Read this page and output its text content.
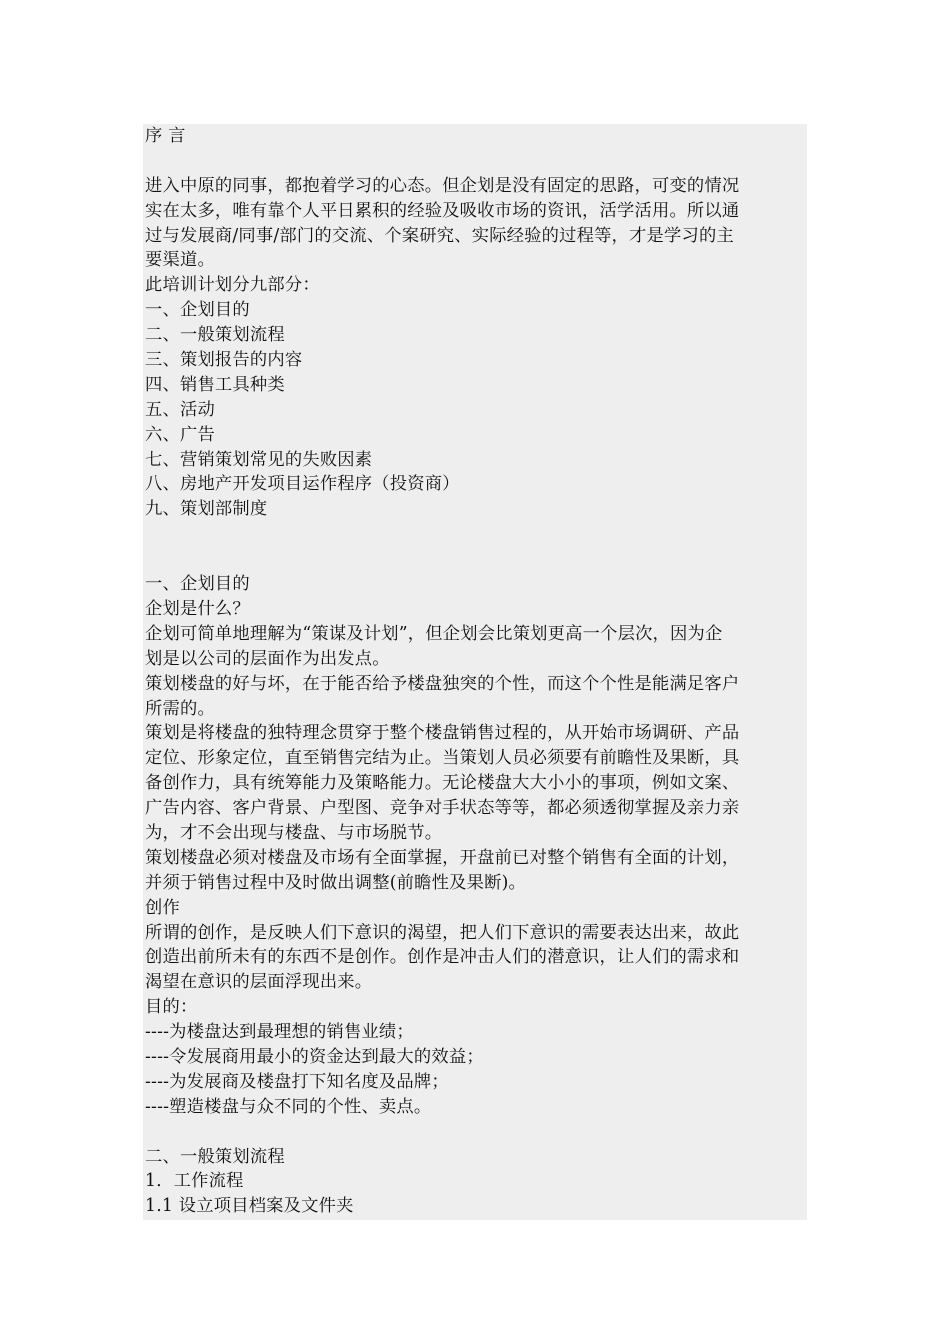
序 言
进入中原的同事，都抱着学习的心态。但企划是没有固定的思路，可变的情况
实在太多，唯有靠个人平日累积的经验及吸收市场的资讯，活学活用。所以通
过与发展商/同事/部门的交流、个案研究、实际经验的过程等，才是学习的主
要渠道。
此培训计划分九部分：
一、企划目的
二、一般策划流程
三、策划报告的内容
四、销售工具种类
五、活动
六、广告
七、营销策划常见的失败因素
八、房地产开发项目运作程序（投资商）
九、策划部制度
一、企划目的
企划是什么？
企划可简单地理解为“策谋及计划”，但企划会比策划更高一个层次，因为企
划是以公司的层面作为出发点。
策划楼盘的好与坏，在于能否给予楼盘独突的个性，而这个个性是能满足客户
所需的。
策划是将楼盘的独特理念贯穿于整个楼盘销售过程的，从开始市场调研、产品
定位、形象定位，直至销售完结为止。当策划人员必须要有前瞻性及果断，具
备创作力，具有统筹能力及策略能力。无论楼盘大大小小的事项，例如文案、
广告内容、客户背景、户型图、竞争对手状态等等，都必须透彻掌握及亲力亲
为，才不会出现与楼盘、与市场脱节。
策划楼盘必须对楼盘及市场有全面掌握，开盘前已对整个销售有全面的计划，
并须于销售过程中及时做出调整(前瞻性及果断)。
创作
所谓的创作，是反映人们下意识的渴望，把人们下意识的需要表达出来，故此
创造出前所未有的东西不是创作。创作是冲击人们的潜意识，让人们的需求和
渴望在意识的层面浮现出来。
目的：
----为楼盘达到最理想的销售业绩；
----令发展商用最小的资金达到最大的效益；
----为发展商及楼盘打下知名度及品牌；
----塑造楼盘与众不同的个性、卖点。
二、一般策划流程
1．工作流程
1.1 设立项目档案及文件夹
